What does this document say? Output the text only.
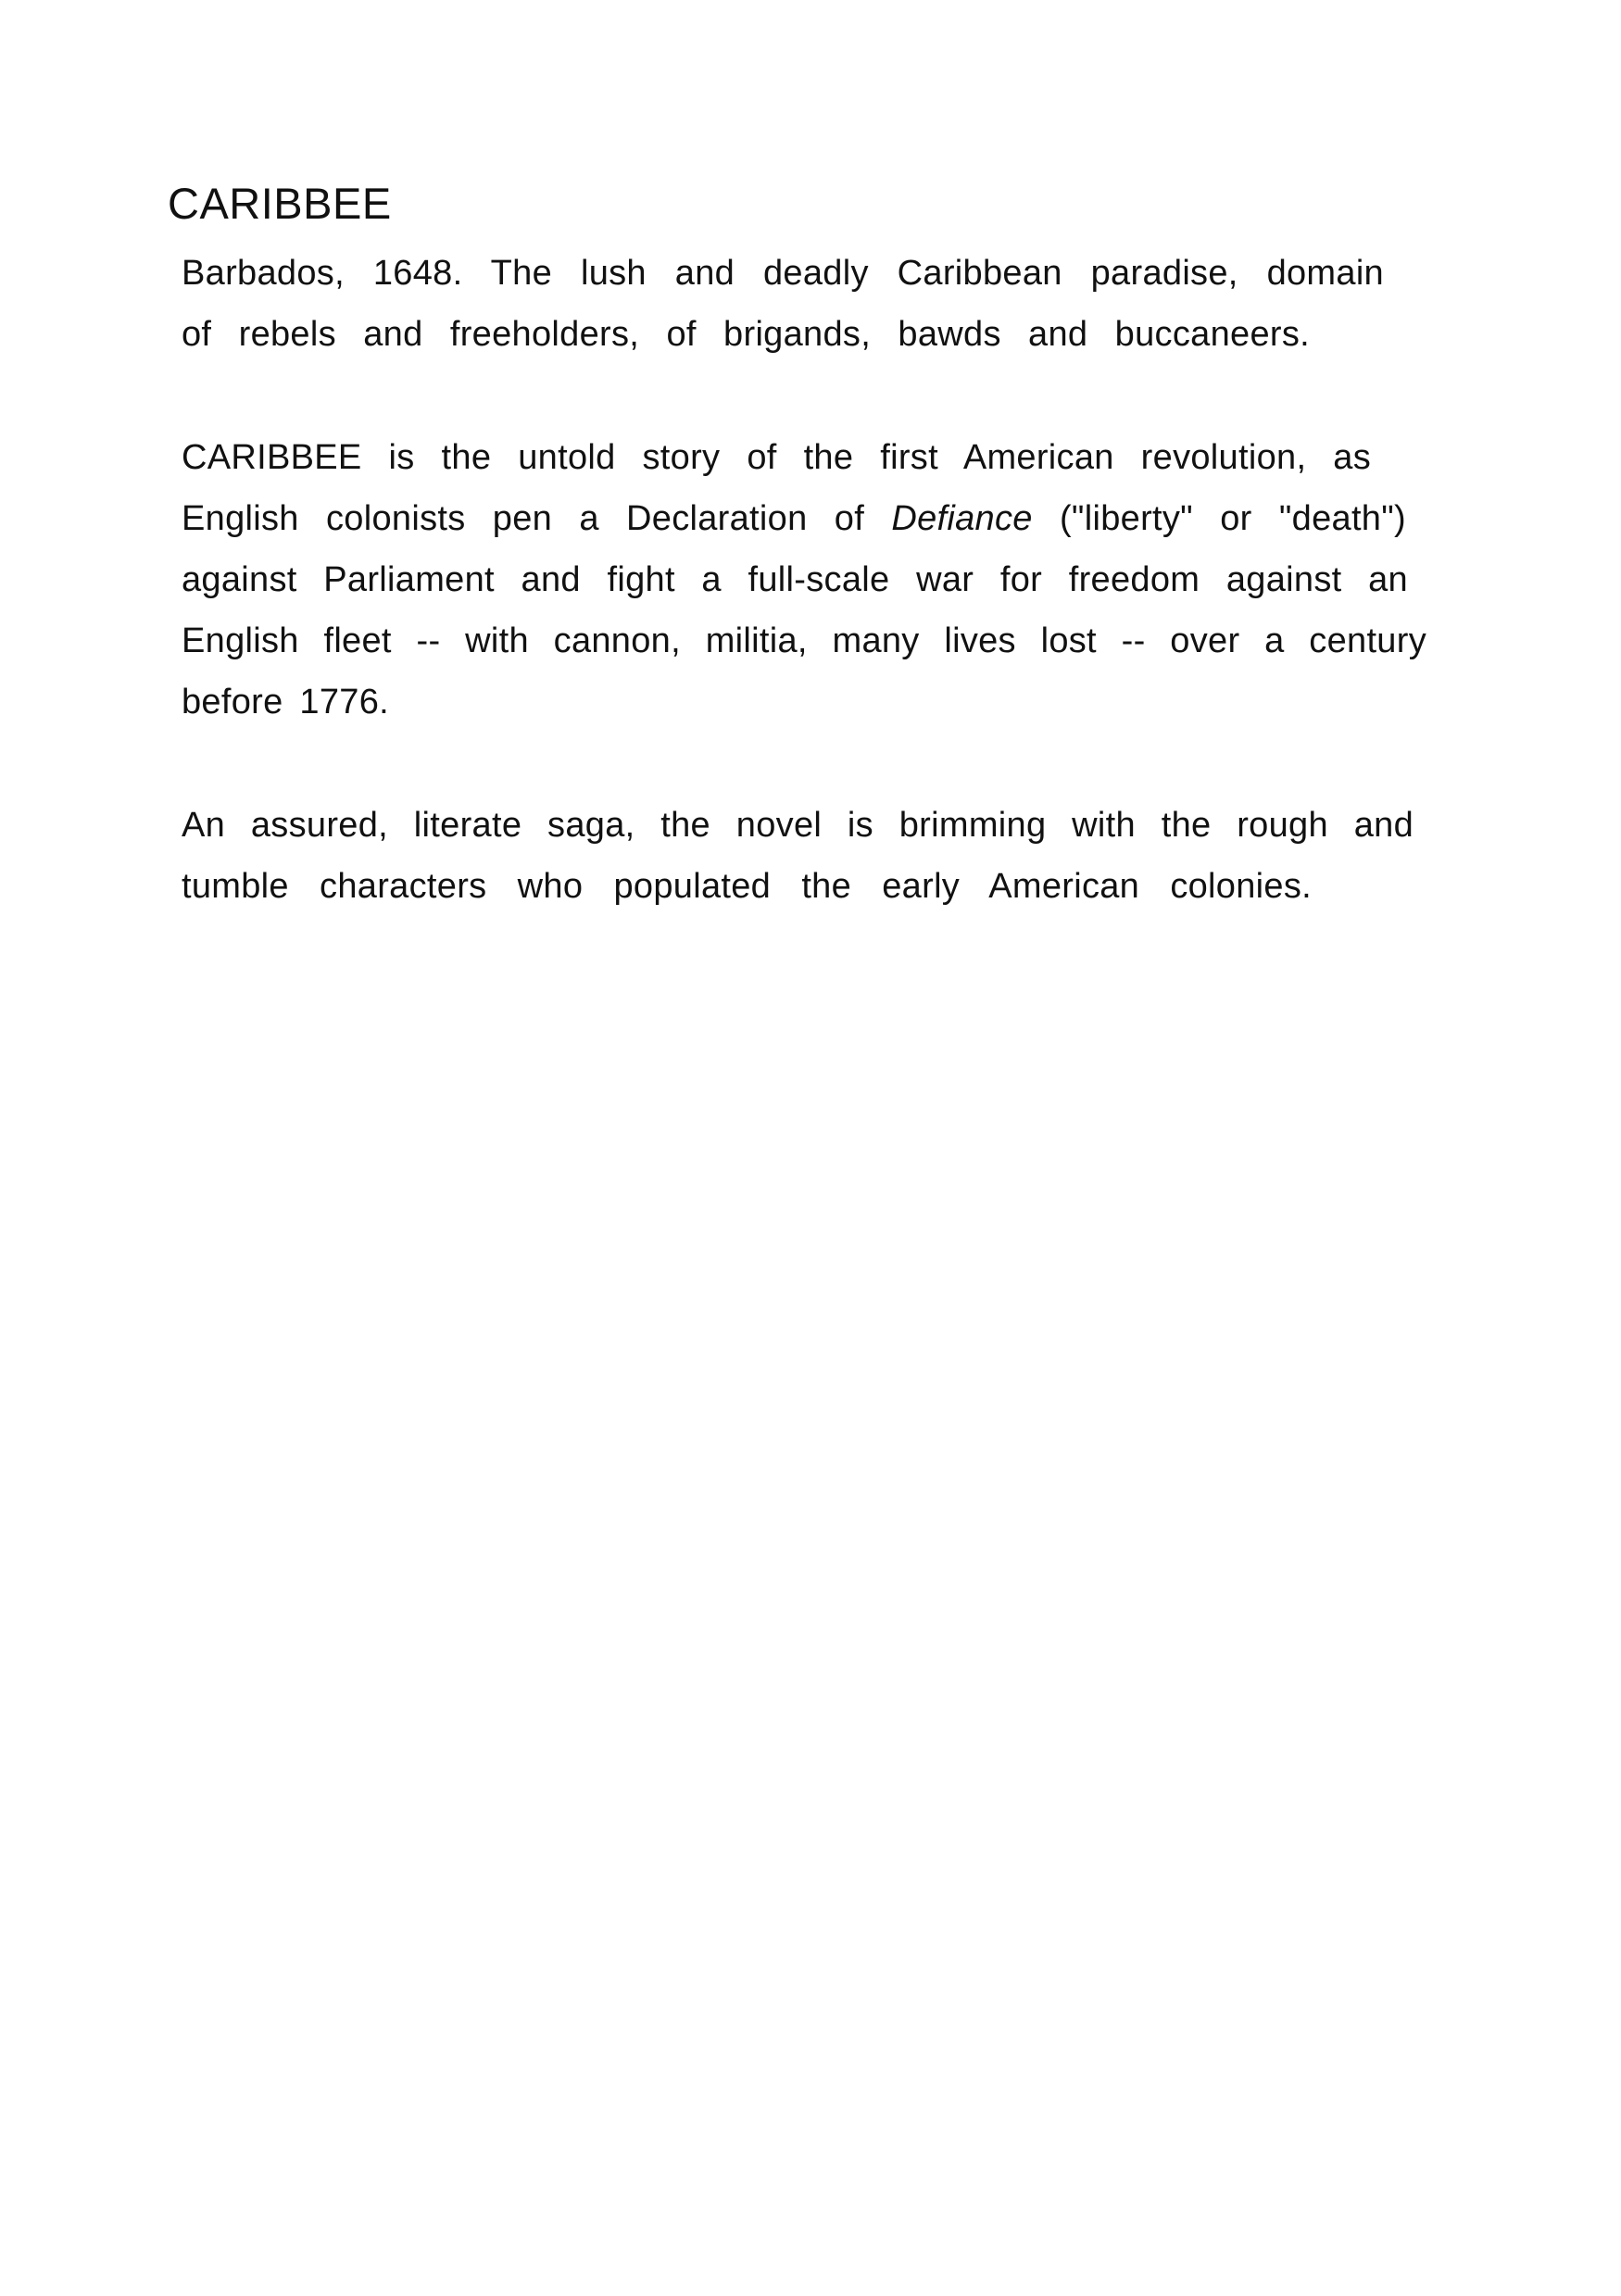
CARIBBEE
Barbados, 1648. The lush and deadly Caribbean paradise, domain
of rebels and freeholders, of brigands, bawds and buccaneers.
CARIBBEE is the untold story of the first American revolution, as
English colonists pen a Declaration of Defiance ("liberty" or "death")
against Parliament and fight a full-scale war for freedom against an
English fleet -- with cannon, militia, many lives lost -- over a century
before 1776.
An assured, literate saga, the novel is brimming with the rough and
tumble characters who populated the early American colonies.
